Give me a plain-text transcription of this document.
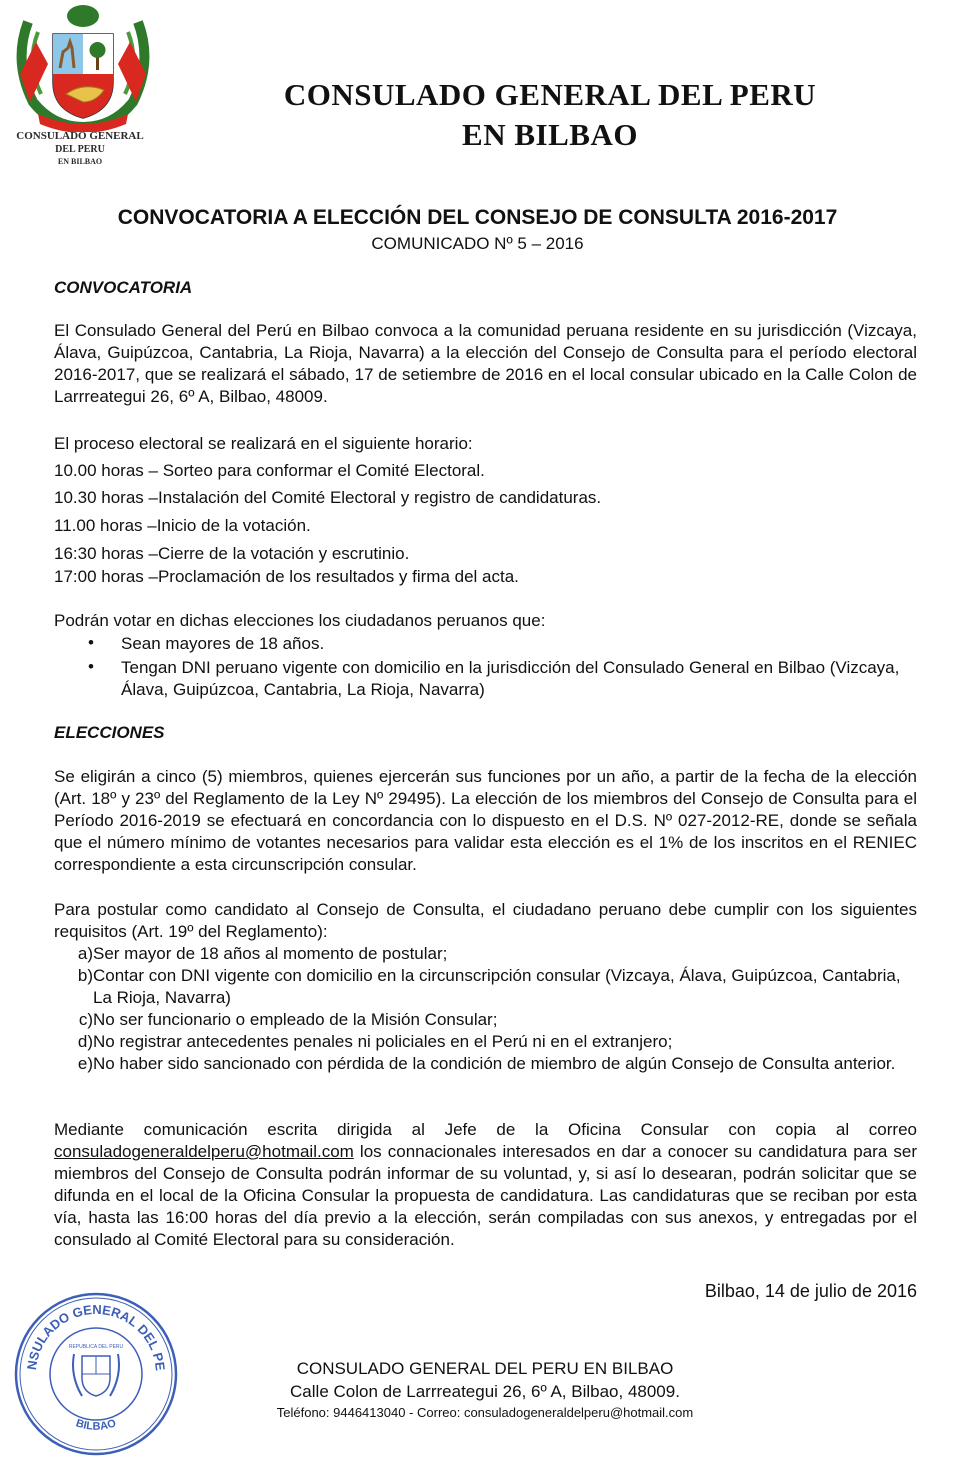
CONSULADO GENERAL
DEL PERU
EN BILBAO
CONSULADO GENERAL DEL PERU
EN BILBAO
CONVOCATORIA A ELECCIÓN DEL CONSEJO DE CONSULTA 2016-2017
COMUNICADO Nº 5 – 2016
CONVOCATORIA
El Consulado General del Perú en Bilbao convoca a la comunidad peruana residente en su jurisdicción (Vizcaya, Álava, Guipúzcoa, Cantabria, La Rioja, Navarra) a la elección del Consejo de Consulta para el período electoral 2016-2017, que se realizará el sábado, 17 de setiembre de 2016 en el local consular ubicado en la Calle Colon de Larrreategui 26, 6º A, Bilbao, 48009.
El proceso electoral se realizará en el siguiente horario:
10.00 horas – Sorteo para conformar el Comité Electoral.
10.30 horas –Instalación del Comité Electoral y registro de candidaturas.
11.00 horas –Inicio de la votación.
16:30 horas –Cierre de la votación y escrutinio.
17:00 horas –Proclamación de los resultados y firma del acta.
Podrán votar en dichas elecciones los ciudadanos peruanos que:
• Sean mayores de 18 años.
• Tengan DNI peruano vigente con domicilio en la jurisdicción del Consulado General en Bilbao (Vizcaya, Álava, Guipúzcoa, Cantabria, La Rioja, Navarra)
ELECCIONES
Se eligirán a cinco (5) miembros, quienes ejercerán sus funciones por un año, a partir de la fecha de la elección (Art. 18º y 23º del Reglamento de la Ley Nº 29495). La elección de los miembros del Consejo de Consulta para el Período 2016-2019 se efectuará en concordancia con lo dispuesto en el D.S. Nº 027-2012-RE, donde se señala que el número mínimo de votantes necesarios para validar esta elección es el 1% de los inscritos en el RENIEC correspondiente a esta circunscripción consular.
Para postular como candidato al Consejo de Consulta, el ciudadano peruano debe cumplir con los siguientes requisitos (Art. 19º del Reglamento):
a) Ser mayor de 18 años al momento de postular;
b) Contar con DNI vigente con domicilio en la circunscripción consular (Vizcaya, Álava, Guipúzcoa, Cantabria, La Rioja, Navarra)
c) No ser funcionario o empleado de la Misión Consular;
d) No registrar antecedentes penales ni policiales en el Perú ni en el extranjero;
e) No haber sido sancionado con pérdida de la condición de miembro de algún Consejo de Consulta anterior.
Mediante comunicación escrita dirigida al Jefe de la Oficina Consular con copia al correo consuladogeneraldelperu@hotmail.com los connacionales interesados en dar a conocer su candidatura para ser miembros del Consejo de Consulta podrán informar de su voluntad, y, si así lo desearan, podrán solicitar que se difunda en el local de la Oficina Consular la propuesta de candidatura. Las candidaturas que se reciban por esta vía, hasta las 16:00 horas del día previo a la elección, serán compiladas con sus anexos, y entregadas por el consulado al Comité Electoral para su consideración.
Bilbao, 14 de julio de 2016
NSULADO GENERAL DEL PE
BILBAO
REPUBLICA DEL PERU
CONSULADO GENERAL DEL PERU EN BILBAO
Calle Colon de Larrreategui 26, 6º A, Bilbao, 48009.
Teléfono: 9446413040 - Correo: consuladogeneraldelperu@hotmail.com
